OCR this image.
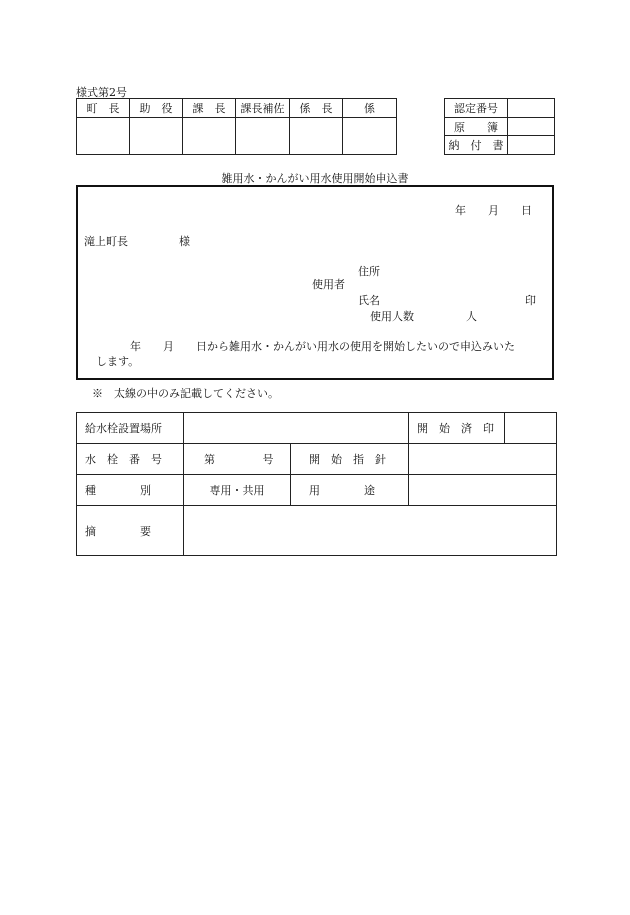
様式第2号
町　長	助　役	課　長	課長補佐	係　長	係
						認定番号	
原　　簿	
納　付　書	
雑用水・かんがい用水使用開始申込書
年　　月　　日
滝上町長	様
住所
使用者
氏名	印
使用人数	人
年　　月　　日から雑用水・かんがい用水の使用を開始したいので申込みいた
します。
※　太線の中のみ記載してください。
給水栓設置場所			開　始　済　印	
水　栓　番　号	第 号	開　始　指　針		
種　　　　別	専用・共用	用　　　　途		
摘　　　　要				
